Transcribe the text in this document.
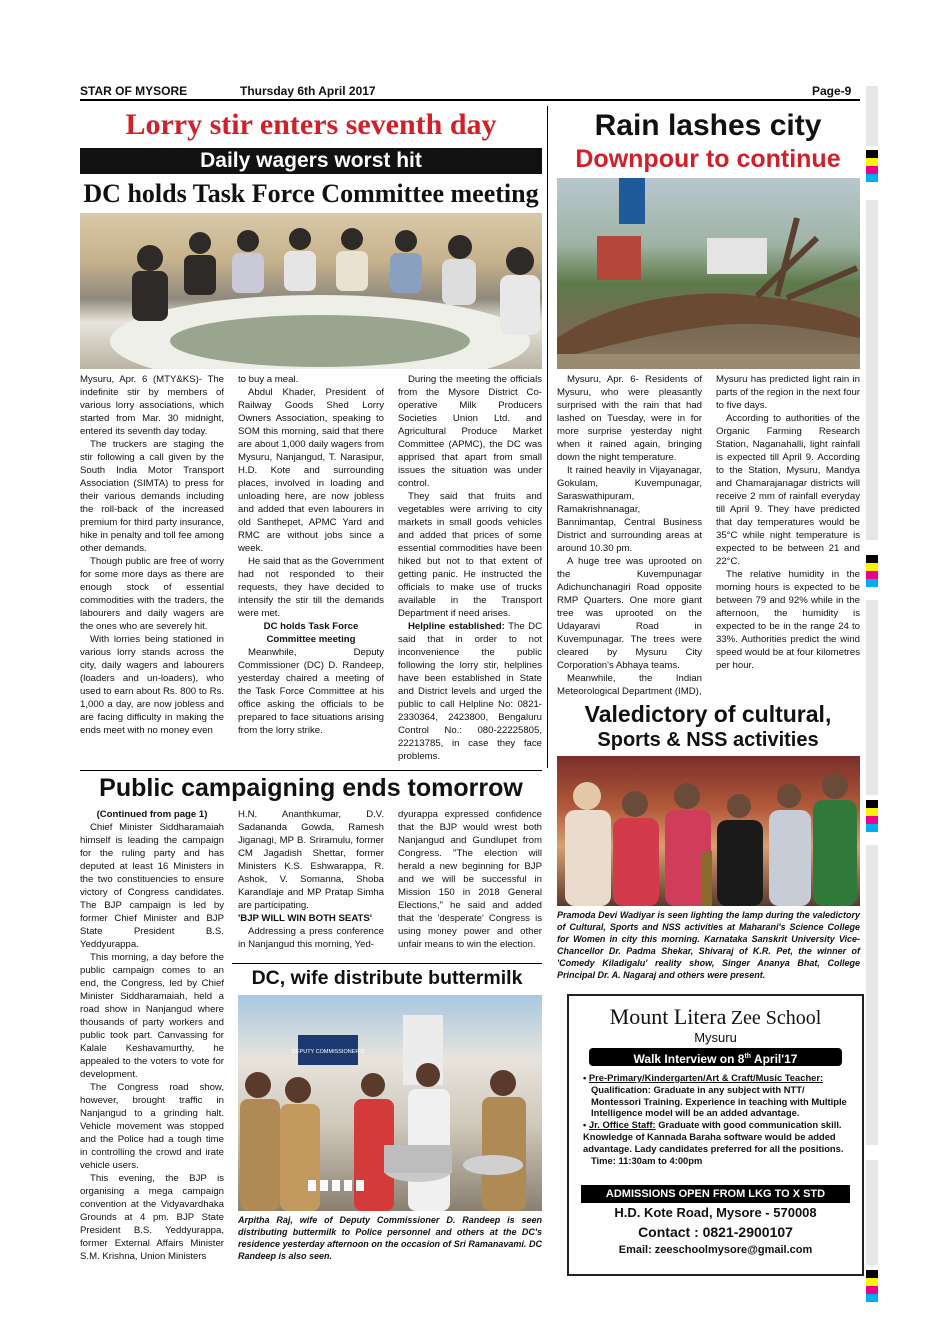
STAR OF MYSORE	Thursday 6th April 2017	Page-9
Lorry stir enters seventh day
Daily wagers worst hit
DC holds Task Force Committee meeting

Mysuru, Apr. 6 (MTY&KS)- The indefinite stir by members of various lorry associations, which started from Mar. 30 midnight, entered its seventh day today.

The truckers are staging the stir following a call given by the South India Motor Transport Association (SIMTA) to press for their various demands including the roll-back of the increased premium for third party insurance, hike in penalty and toll fee among other demands.

Though public are free of worry for some more days as there are enough stock of essential commodities with the traders, the labourers and daily wagers are the ones who are severely hit.

With lorries being stationed in various lorry stands across the city, daily wagers and labourers (loaders and un-loaders), who used to earn about Rs. 800 to Rs. 1,000 a day, are now jobless and are facing difficulty in making the ends meet with no money even

to buy a meal.

Abdul Khader, President of Railway Goods Shed Lorry Owners Association, speaking to SOM this morning, said that there are about 1,000 daily wagers from Mysuru, Nanjangud, T. Narasipur, H.D. Kote and surrounding places, involved in loading and unloading here, are now jobless and added that even labourers in old Santhepet, APMC Yard and RMC are without jobs since a week.

He said that as the Government had not responded to their requests, they have decided to intensify the stir till the demands were met.

DC holds Task Force Committee meeting

Meanwhile, Deputy Commissioner (DC) D. Randeep, yesterday chaired a meeting of the Task Force Committee at his office asking the officials to be prepared to face situations arising from the lorry strike.

During the meeting the officials from the Mysore District Co-operative Milk Producers Societies Union Ltd. and Agricultural Produce Market Committee (APMC), the DC was apprised that apart from small issues the situation was under control.

They said that fruits and vegetables were arriving to city markets in small goods vehicles and added that prices of some essential commodities have been hiked but not to that extent of getting panic. He instructed the officials to make use of trucks available in the Transport Department if need arises.

Helpline established: The DC said that in order to not inconvenience the public following the lorry stir, helplines have been established in State and District levels and urged the public to call Helpline No: 0821-2330364, 2423800, Bengaluru Control No.: 080-22225805, 22213785, in case they face problems.

Rain lashes city
Downpour to continue

Mysuru, Apr. 6- Residents of Mysuru, who were pleasantly surprised with the rain that had lashed on Tuesday, were in for more surprise yesterday night when it rained again, bringing down the night temperature.

It rained heavily in Vijayanagar, Gokulam, Kuvempunagar, Saraswathipuram, Ramakrishnanagar, Bannimantap, Central Business District and surrounding areas at around 10.30 pm.

A huge tree was uprooted on the Kuvempunagar Adichunchanagiri Road opposite RMP Quarters. One more giant tree was uprooted on the Udayaravi Road in Kuvempunagar. The trees were cleared by Mysuru City Corporation's Abhaya teams.

Meanwhile, the Indian Meteorological Department (IMD),

Mysuru has predicted light rain in parts of the region in the next four to five days.

According to authorities of the Organic Farming Research Station, Naganahalli, light rainfall is expected till April 9. According to the Station, Mysuru, Mandya and Chamarajanagar districts will receive 2 mm of rainfall everyday till April 9. They have predicted that day temperatures would be 35°C while night temperature is expected to be between 21 and 22°C.

The relative humidity in the morning hours is expected to be between 79 and 92% while in the afternoon, the humidity is expected to be in the range 24 to 33%. Authorities predict the wind speed would be at four kilometres per hour.

Valedictory of cultural,
Sports & NSS activities
Pramoda Devi Wadiyar is seen lighting the lamp during the valedictory of Cultural, Sports and NSS activities at Maharani's Science College for Women in city this morning. Karnataka Sanskrit University Vice-Chancellor Dr. Padma Shekar, Shivaraj of K.R. Pet, the winner of 'Comedy Kiladigalu' reality show, Singer Ananya Bhat, College Principal Dr. A. Nagaraj and others were present.
Public campaigning ends tomorrow

(Continued from page 1)

Chief Minister Siddharamaiah himself is leading the campaign for the ruling party and has deputed at least 16 Ministers in the two constituencies to ensure victory of Congress candidates. The BJP campaign is led by former Chief Minister and BJP State President B.S. Yeddyurappa.

This morning, a day before the public campaign comes to an end, the Congress, led by Chief Minister Siddharamaiah, held a road show in Nanjangud where thousands of party workers and public took part. Canvassing for Kalale Keshavamurthy, he appealed to the voters to vote for development.

The Congress road show, however, brought traffic in Nanjangud to a grinding halt. Vehicle movement was stopped and the Police had a tough time in controlling the crowd and irate vehicle users.

This evening, the BJP is organising a mega campaign convention at the Vidyavardhaka Grounds at 4 pm. BJP State President B.S. Yeddyurappa, former External Affairs Minister S.M. Krishna, Union Ministers

H.N. Ananthkumar, D.V. Sadananda Gowda, Ramesh Jiganagi, MP B. Sriramulu, former CM Jagadish Shettar, former Ministers K.S. Eshwarappa, R. Ashok, V. Somanna, Shoba Karandlaje and MP Pratap Simha are participating.

'BJP WILL WIN BOTH SEATS'

Addressing a press conference in Nanjangud this morning, Yed-

dyurappa expressed confidence that the BJP would wrest both Nanjangud and Gundlupet from Congress. "The election will herald a new beginning for BJP and we will be successful in Mission 150 in 2018 General Elections," he said and added that the 'desperate' Congress is using money power and other unfair means to win the election.

DC, wife distribute buttermilk
DEPUTY COMMISSIONER'S
Arpitha Raj, wife of Deputy Commissioner D. Randeep is seen distributing buttermilk to Police personnel and others at the DC's residence yesterday afternoon on the occasion of Sri Ramanavami. DC Randeep is also seen.
Mount Litera Zee School
Mysuru
Walk Interview on 8th April'17
• Pre-Primary/Kindergarten/Art & Craft/Music Teacher:
Qualification: Graduate in any subject with NTT/ Montessori Training. Experience in teaching with Multiple Intelligence model will be an added advantage.
• Jr. Office Staff: Graduate with good communication skill. Knowledge of Kannada Baraha software would be added advantage. Lady candidates preferred for all the positions.
Time: 11:30am to 4:00pm
ADMISSIONS OPEN FROM LKG TO X STD
H.D. Kote Road, Mysore - 570008
Contact : 0821-2900107
Email: zeeschoolmysore@gmail.com
